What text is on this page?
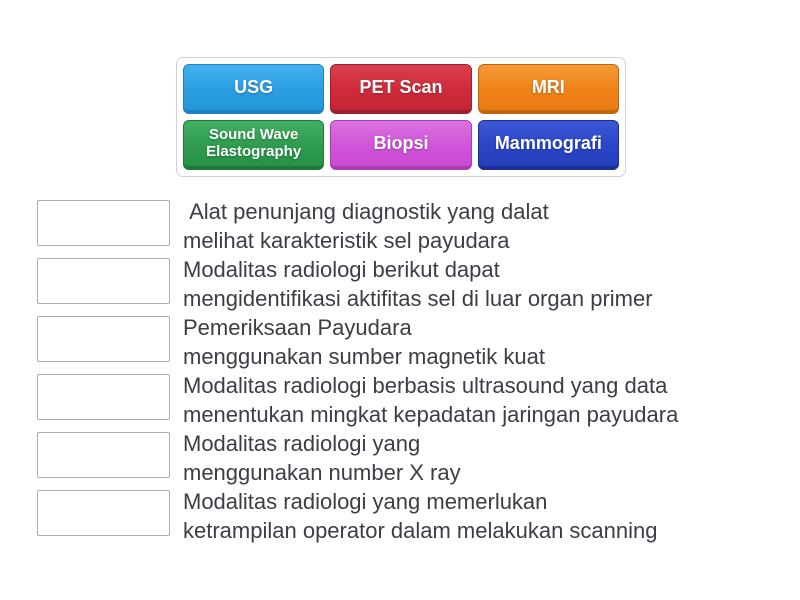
USG	PET Scan	MRI
Sound Wave Elastography	Biopsi	Mammografi
Alat penunjang diagnostik yang dalat
melihat karakteristik sel payudara
Modalitas radiologi berikut dapat
mengidentifikasi aktifitas sel di luar organ primer
Pemeriksaan Payudara
menggunakan sumber magnetik kuat
Modalitas radiologi berbasis ultrasound yang data
menentukan mingkat kepadatan jaringan payudara
Modalitas radiologi yang
menggunakan number X ray
Modalitas radiologi yang memerlukan
ketrampilan operator dalam melakukan scanning
